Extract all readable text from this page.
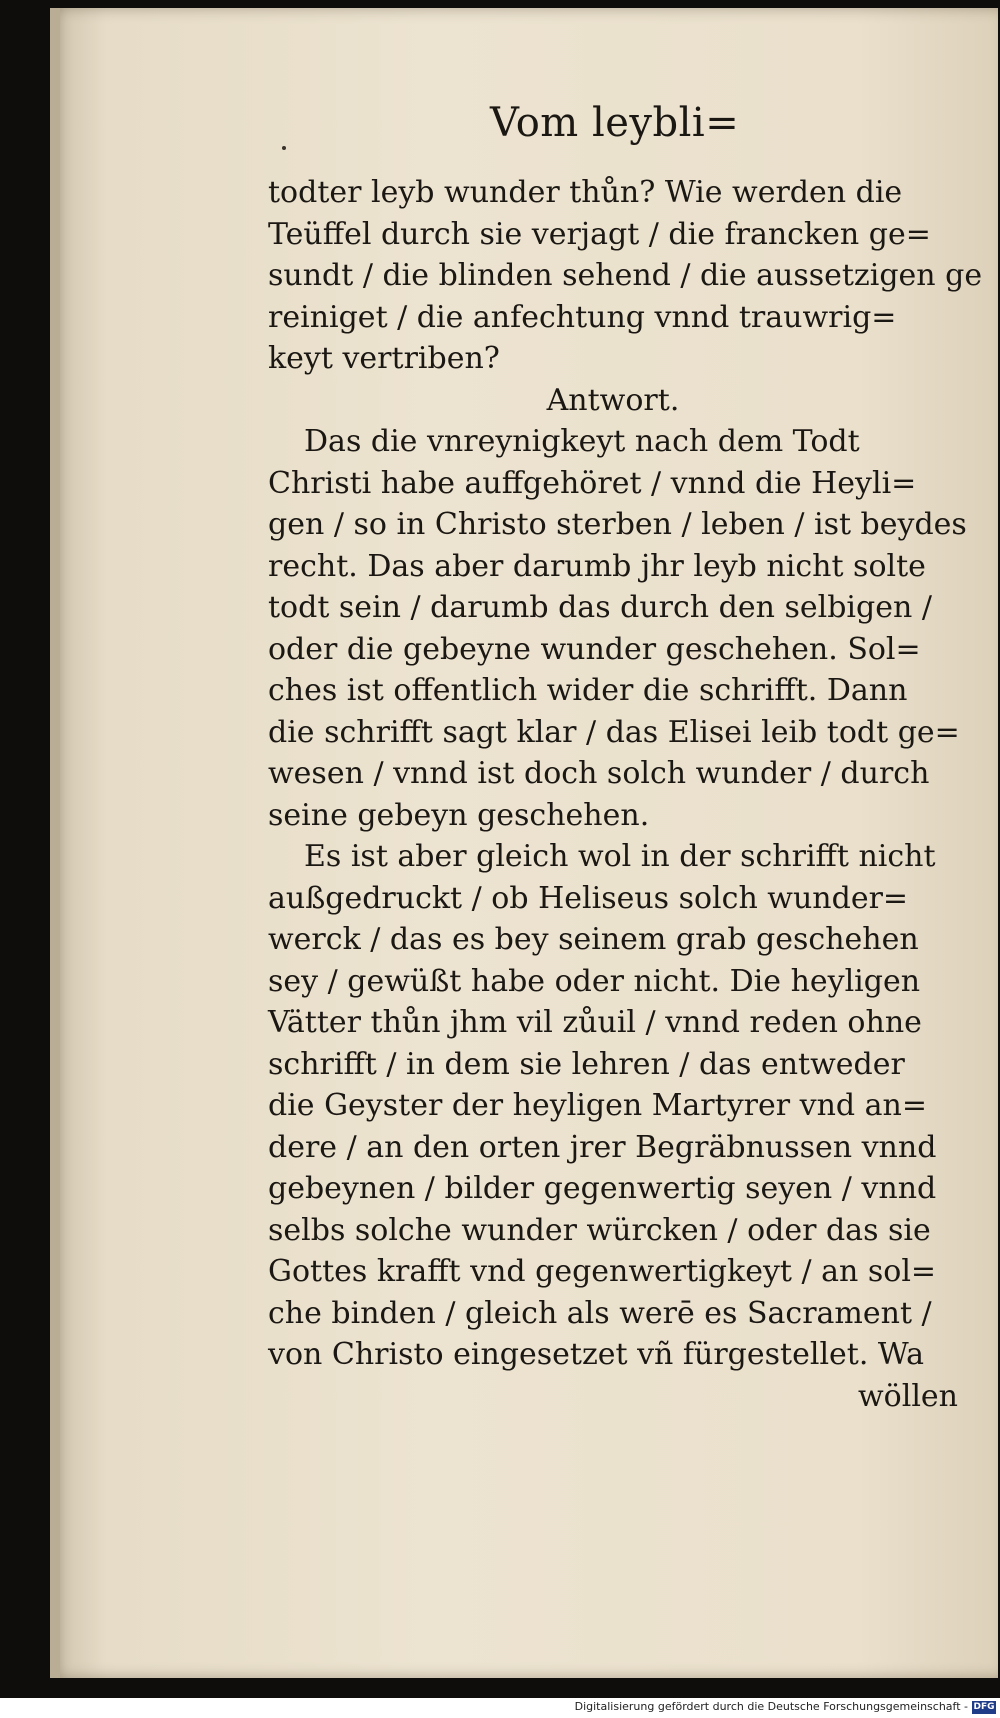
Vom leybli=
todter leyb wunder thůn? Wie werden die
Teüffel durch sie verjagt / die francken ge=
sundt / die blinden sehend / die aussetzigen ge
reiniget / die anfechtung vnnd trauwrig=
keyt vertriben?
Antwort.
Das die vnreynigkeyt nach dem Todt
Christi habe auffgehöret / vnnd die Heyli=
gen / so in Christo sterben / leben / ist beydes
recht. Das aber darumb jhr leyb nicht solte
todt sein / darumb das durch den selbigen /
oder die gebeyne wunder geschehen. Sol=
ches ist offentlich wider die schrifft. Dann
die schrifft sagt klar / das Elisei leib todt ge=
wesen / vnnd ist doch solch wunder / durch
seine gebeyn geschehen.
Es ist aber gleich wol in der schrifft nicht
außgedruckt / ob Heliseus solch wunder=
werck / das es bey seinem grab geschehen
sey / gewüßt habe oder nicht. Die heyligen
Vätter thůn jhm vil zůuil / vnnd reden ohne
schrifft / in dem sie lehren / das entweder
die Geyster der heyligen Martyrer vnd an=
dere / an den orten jrer Begräbnussen vnnd
gebeynen / bilder gegenwertig seyen / vnnd
selbs solche wunder würcken / oder das sie
Gottes krafft vnd gegenwertigkeyt / an sol=
che binden / gleich als werē es Sacrament /
von Christo eingesetzet vñ fürgestellet. Wa
wöllen
Digitalisierung gefördert durch die Deutsche Forschungsgemeinschaft - DFG
